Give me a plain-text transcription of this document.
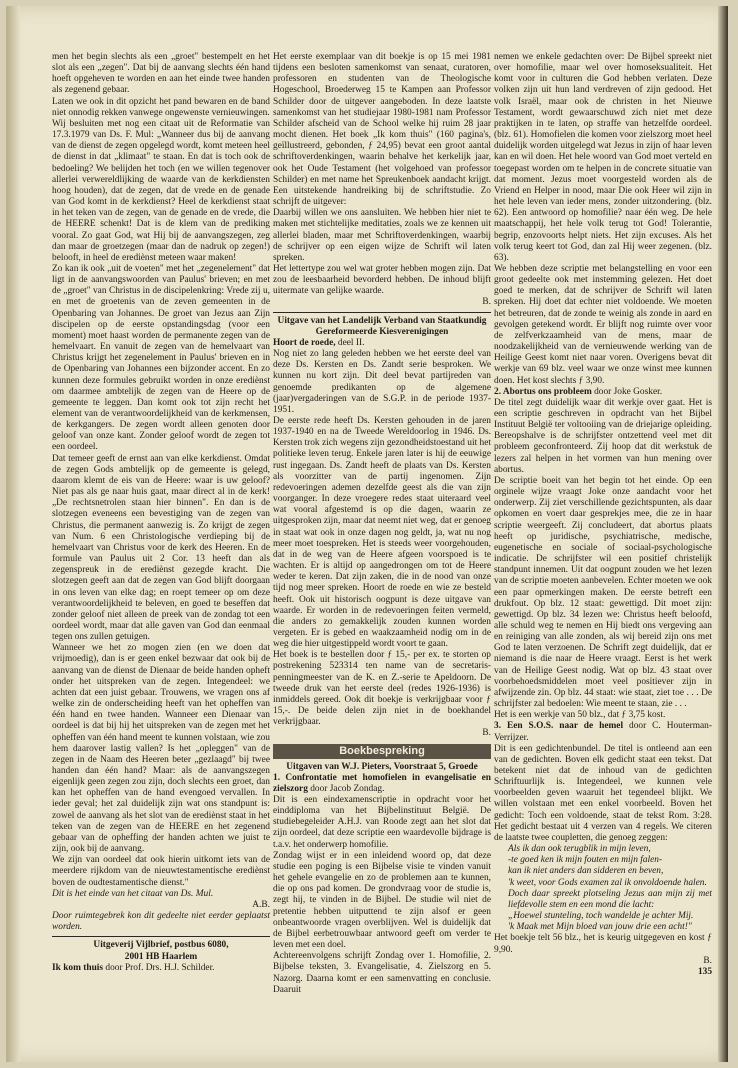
men het begin slechts als een „groet" bestempelt en het slot als een „zegen". Dat bij de aanvang slechts één hand hoeft opgeheven te worden en aan het einde twee handen als zegenend gebaar.

Laten we ook in dit opzicht het pand bewaren en de band niet onnodig rekken vanwege ongewenste vernieuwingen.

Wij besluiten met nog een citaat uit de Reformatie van 17.3.1979 van Ds. F. Mul: „Wanneer dus bij de aanvang van de dienst de zegen opgelegd wordt, komt meteen heel de dienst in dat „klimaat" te staan. En dat is toch ook de bedoeling? We belijden het toch (en we willen tegenover allerlei verwereldlijking de waarde van de kerkdiensten hoog houden), dat de zegen, dat de vrede en de genade van God komt in de kerkdienst? Heel de kerkdienst staat in het teken van de zegen, van de genade en de vrede, die de HEERE schenkt! Dat is de klem van de prediking vooral. Zo gaat God, wat Hij bij de aanvangszegen, zeg dan maar de groetzegen (maar dan de nadruk op zegen!) belooft, in heel de erediènst meteen waar maken!

Zo kan ik ook „uit de voeten" met het „zegenelement" dat ligt in de aanvangswoorden van Paulus' brieven; en met de „groet" van Christus in de discipelenkring: Vrede zij u, en met de groetenis van de zeven gemeenten in de Openbaring van Johannes. De groet van Jezus aan Zijn discipelen op de eerste opstandingsdag (voor een moment) moet haast worden de permanente zegen van de hemelvaart. En vanuit de zegen van de hemelvaart van Christus krijgt het zegenelement in Paulus' brieven en in de Openbaring van Johannes een bijzonder accent. En zo kunnen deze formules gebruikt worden in onze erediènst om daarmee ambtelijk de zegen van de Heere op de gemeente te leggen. Dan komt ook tot zijn recht het element van de verantwoordelijkheid van de kerkmensen, de kerkgangers. De zegen wordt alleen genoten door geloof van onze kant. Zonder geloof wordt de zegen tot een oordeel.

Dat temeer geeft de ernst aan van elke kerkdienst. Omdat de zegen Gods ambtelijk op de gemeente is gelegd, daarom klemt de eis van de Heere: waar is uw geloof? Niet pas als ge naar huis gaat, maar direct al in de kerk! „De rechtsnetrolen staan hier binnen". En dan is de slotzegen eveneens een bevestiging van de zegen van Christus, die permanent aanwezig is. Zo krijgt de zegen van Num. 6 een Christologische verdieping bij de hemelvaart van Christus voor de kerk des Heeren. En de formule van Paulus uit 2 Cor. 13 heeft dan als zegenspreuk in de erediènst gezegde kracht. Die slotzegen geeft aan dat de zegen van God blijft doorgaan in ons leven van elke dag; en roept temeer op om deze verantwoordelijkheid te beleven, en goed te beseffen dat zonder geloof niet alleen de preek van de zondag tot een oordeel wordt, maar dat alle gaven van God dan eenmaal tegen ons zullen getuigen.

Wanneer we het zo mogen zien (en we doen dat vrijmoedig), dan is er geen enkel bezwaar dat ook bij de aanvang van de dienst de Dienaar de beide handen opheft onder het uitspreken van de zegen. Integendeel: we achten dat een juist gebaar. Trouwens, we vragen ons af welke zin de onderscheiding heeft van het opheffen van één hand en twee handen. Wanneer een Dienaar van oordeel is dat bij hij het uitspreken van de zegen met het opheffen van één hand meent te kunnen volstaan, wie zou hem daarover lastig vallen? Is het „opleggen" van de zegen in de Naam des Heeren beter „gezlaagd" bij twee handen dan één hand? Maar: als de aanvangszegen eigenlijk geen zegen zou zijn, doch slechts een groet, dan kan het opheffen van de hand evengoed vervallen. In ieder geval; het zal duidelijk zijn wat ons standpunt is: zowel de aanvang als het slot van de erediènst staat in het teken van de zegen van de HEERE en het zegenend gebaar van de opheffing der handen achten we juist te zijn, ook bij de aanvang.

We zijn van oordeel dat ook hierin uitkomt iets van de meerdere rijkdom van de nieuwtestamentische erediènst boven de oudtestamentische dienst."

Dit is het einde van het citaat van Ds. Mul.

A.B.

Door ruimtegebrek kon dit gedeelte niet eerder geplaatst worden.

Uitgeverij Vijlbrief, postbus 6080,
2001 HB Haarlem

Ik kom thuis door Prof. Drs. H.J. Schilder.

Het eerste exemplaar van dit boekje is op 15 mei 1981 tijdens een besloten samenkomst van senaat, curatoren, professoren en studenten van de Theologische Hogeschool, Broederweg 15 te Kampen aan Professor Schilder door de uitgever aangeboden. In deze laatste samenkomst van het studiejaar 1980-1981 nam Professor Schilder afscheid van de School welke hij ruim 28 jaar mocht dienen. Het boek „Ik kom thuis" (160 pagina's, geïllustreerd, gebonden, ƒ 24,95) bevat een groot aantal schriftoverdenkingen, waarin behalve het kerkelijk jaar, ook het Oude Testament (het volgehoed van professor Schilder) en met name het Spreukenboek aandacht krijgt. Een uitstekende handreiking bij de schriftstudie. Zo schrijft de uitgever:

Daarbij willen we ons aansluiten. We hebben hier niet te maken met stichtelijke meditaties, zoals we ze kennen uit allerlei bladen, maar met Schriftoverdenkingen, waarbij de schrijver op een eigen wijze de Schrift wil laten spreken.

Het lettertype zou wel wat groter hebben mogen zijn. Dat zou de leesbaarheid bevorderd hebben. De inhoud blijft uitermate van gelijke waarde.

B.

Uitgave van het Landelijk Verband van Staatkundig Gereformeerde Kiesverenigingen

Hoort de roede, deel II.

Nog niet zo lang geleden hebben we het eerste deel van deze Ds. Kersten en Ds. Zandt serie besproken. We kunnen nu kort zijn. Dit deel bevat partijreden van genoemde predikanten op de algemene (jaar)vergaderingen van de S.G.P. in de periode 1937-1951.

De eerste rede heeft Ds. Kersten gehouden in de jaren 1937-1940 en na de Tweede Wereldoorlog in 1946. Ds. Kersten trok zich wegens zijn gezondheidstoestand uit het politieke leven terug. Enkele jaren later is hij de eeuwige rust ingegaan. Ds. Zandt heeft de plaats van Ds. Kersten als voorzitter van de partij ingenomen. Zijn redevoeringen ademen dezelfde geest als die van zijn voorganger. In deze vroegere redes staat uiteraard veel wat vooral afgestemd is op die dagen, waarin ze uitgesproken zijn, maar dat neemt niet weg, dat er genoeg in staat wat ook in onze dagen nog geldt, ja, wat nu nog meer moet toespreken. Het is steeds weer voorgehouden, dat in de weg van de Heere afgeen voorspoed is te wachten. Er is altijd op aangedrongen om tot de Heere weder te keren. Dat zijn zaken, die in de nood van onze tijd nog meer spreken. Hoort de roede en wie ze besteld heeft. Ook uit historisch oogpunt is deze uitgave van waarde. Er worden in de redevoeringen feiten vermeld, die anders zo gemakkelijk zouden kunnen worden vergeten. Er is gebed en waakzaamheid nodig om in de weg die hier uitgestippeld wordt voort te gaan.

Het boek is te bestellen door ƒ 15,- per ex. te storten op postrekening 523314 ten name van de secretaris-penningmeester van de K. en Z.-serie te Apeldoorn. De tweede druk van het eerste deel (redes 1926-1936) is inmiddels gereed. Ook dit boekje is verkrijgbaar voor ƒ 15,-. De beide delen zijn niet in de boekhandel verkrijgbaar.

B.

Boekbespreking

Uitgaven van W.J. Pieters, Voorstraat 5, Groede

1. Confrontatie met homofielen in evangelisatie en zielszorg door Jacob Zondag.

Dit is een eindexamenscriptie in opdracht voor het einddiploma van het Bijbelinstituut België. De studiebegeleider A.H.J. van Roode zegt aan het slot dat zijn oordeel, dat deze scriptie een waardevolle bijdrage is t.a.v. het onderwerp homofilie.

Zondag wijst er in een inleidend woord op, dat deze studie een poging is een Bijbelse visie te vinden vanuit het gehele evangelie en zo de problemen aan te kunnen, die op ons pad komen. De grondvraag voor de studie is, zegt hij, te vinden in de Bijbel. De studie wil niet de pretentie hebben uitputtend te zijn alsof er geen onbeantwoorde vragen overblijven. Wel is duidelijk dat de Bijbel eerbetrouwbaar antwoord geeft om verder te leven met een doel.

Achtereenvolgens schrijft Zondag over 1. Homofilie, 2. Bijbelse teksten, 3. Evangelisatie, 4. Zielszorg en 5. Nazorg. Daarna komt er een samenvatting en conclusie. Daaruit

nemen we enkele gedachten over: De Bijbel spreekt niet over homofilie, maar wel over homoseksualiteit. Het komt voor in culturen die God hebben verlaten. Deze volken zijn uit hun land verdreven of zijn gedood. Het volk Israël, maar ook de christen in het Nieuwe Testament, wordt gewaarschuwd zich niet met deze praktijken in te laten, op straffe van hetzelfde oordeel. (blz. 61). Homofielen die komen voor zielszorg moet heel duidelijk worden uitgelegd wat Jezus in zijn of haar leven kan en wil doen. Het hele woord van God moet verteld en toegepast worden om te helpen in de concrete situatie van dat moment. Jezus moet voorgesteld worden als de Vriend en Helper in nood, maar Die ook Heer wil zijn in het hele leven van ieder mens, zonder uitzondering. (blz. 62). Een antwoord op homofilie? naar één weg. De hele maatschappij, het hele volk terug tot God! Tolerantie, begrip, enzovoorts helpt niets. Het zijn excuses. Als het volk terug keert tot God, dan zal Hij weer zegenen. (blz. 63).

We hebben deze scriptie met belangstelling en voor een groot gedeelte ook met instemming gelezen. Het doet goed te merken, dat de schrijver de Schrift wil laten spreken. Hij doet dat echter niet voldoende. We moeten het betreuren, dat de zonde te weinig als zonde in aard en gevolgen getekend wordt. Er blijft nog ruimte over voor de zelfverkzaamheid van de mens, maar de noodzakelijkheid van de vernieuwende werking van de Heilige Geest komt niet naar voren. Overigens bevat dit werkje van 69 blz. veel waar we onze winst mee kunnen doen. Het kost slechts ƒ 3,90.

2. Abortus ons probleem door Joke Gosker.

De titel zegt duidelijk waar dit werkje over gaat. Het is een scriptie geschreven in opdracht van het Bijbel Instituut België ter voltooiing van de driejarige opleiding. Bereopshalve is de schrijfster ontzettend veel met dit probleem geconfronteerd. Zij hoop dat dit werkstuk de lezers zal helpen in het vormen van hun mening over abortus.

De scriptie boeit van het begin tot het einde. Op een orginele wijze vraagt Joke onze aandacht voor het onderwerp. Zij ziet verschillende gezichtspunten, als daar opkomen en voert daar gesprekjes mee, die ze in haar scriptie weergeeft. Zij concludeert, dat abortus plaats heeft op juridische, psychiatrische, medische, eugenetische en sociale of sociaal-psychologische indicatie. De schrijfster wil een positief christelijk standpunt innemen. Uit dat oogpunt zouden we het lezen van de scriptie moeten aanbevelen. Echter moeten we ook een paar opmerkingen maken. De eerste betreft een drukfout. Op blz. 12 staat: gewettigd. Dit moet zijn: gewettigd. Op blz. 34 lezen we: Christus heeft beloofd, alle schuld weg te nemen en Hij biedt ons vergeving aan en reiniging van alle zonden, als wij bereid zijn ons met God te laten verzoenen. De Schrift zegt duidelijk, dat er niemand is die naar de Heere vraagt. Eerst is het werk van de Heilige Geest nodig. Wat op blz. 43 staat over voorbehoedsmiddelen moet veel positiever zijn in afwijzende zin. Op blz. 44 staat: wie staat, ziet toe . . . De schrijfster zal bedoelen: Wie meent te staan, zie . . .

Het is een werkje van 50 blz., dat ƒ 3,75 kost.

3. Een S.O.S. naar de hemel door C. Houterman-Verrijzer.

Dit is een gedichtenbundel. De titel is ontleend aan een van de gedichten. Boven elk gedicht staat een tekst. Dat betekent niet dat de inhoud van de gedichten Schriftuurlijk is. Integendeel, we kunnen vele voorbeelden geven waaruit het tegendeel blijkt. We willen volstaan met een enkel voorbeeld. Boven het gedicht: Toch een voldoende, staat de tekst Rom. 3:28. Het gedicht bestaat uit 4 verzen van 4 regels. We citeren de laatste twee coupletten, die genoeg zeggen:

Als ik dan ook terugblik in mijn leven,
-te goed ken ik mijn fouten en mijn falen-
kan ik niet anders dan sidderen en beven,
'k weet, voor Gods examen zal ik onvoldoende halen.
Doch daar spreekt plotseling Jezus aan mijn zij met liefdevolle stem en een mond die lacht:
„Hoewel stunteling, toch wandelde je achter Mij.
'k Maak met Mijn bloed van jouw drie een acht!"

Het boekje telt 56 blz., het is keurig uitgegeven en kost ƒ 9,90.

B.

135
